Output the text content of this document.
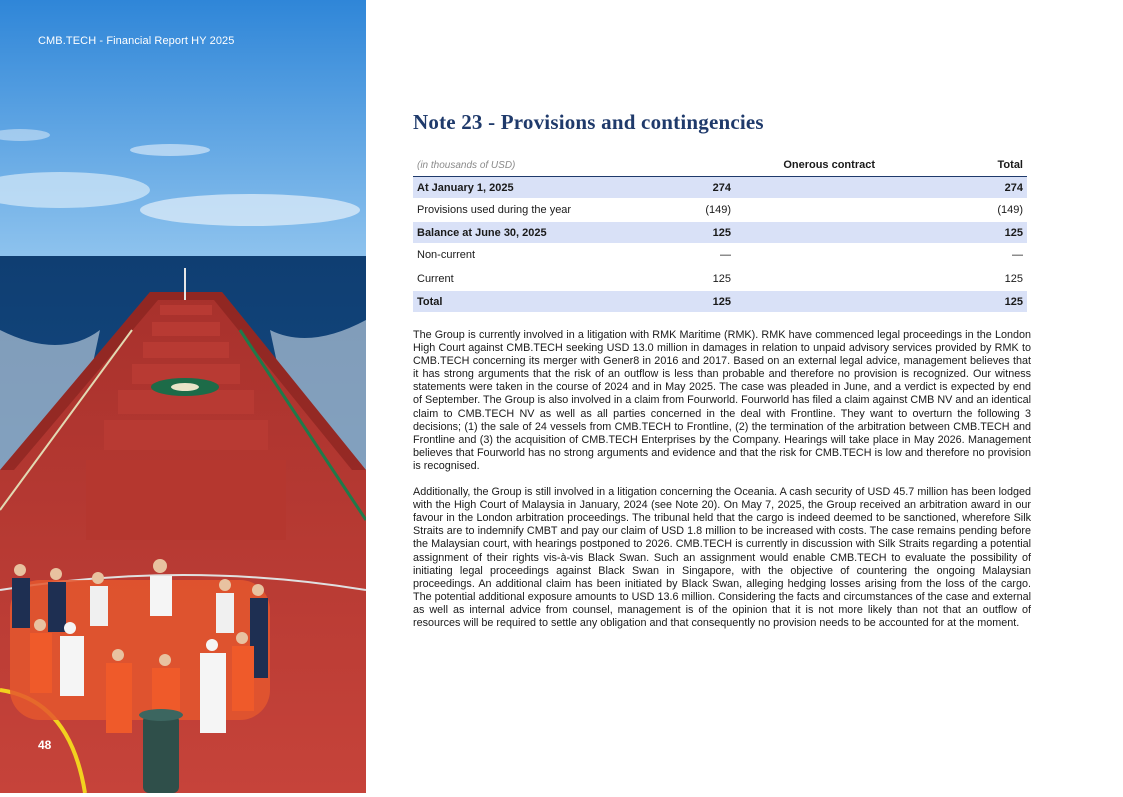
CMB.TECH - Financial Report HY 2025
48
Note 23 - Provisions and contingencies
(in thousands of USD)	Onerous contract	Total
At January 1, 2025	274	274
Provisions used during the year	(149)	(149)
Balance at June 30, 2025	125	125
Non-current	—	—
Current	125	125
Total	125	125

The Group is currently involved in a litigation with RMK Maritime (RMK). RMK have commenced legal proceedings in the London High Court against CMB.TECH seeking USD 13.0 million in damages in relation to unpaid advisory services provided by RMK to CMB.TECH concerning its merger with Gener8 in 2016 and 2017. Based on an external legal advice, management believes that it has strong arguments that the risk of an outflow is less than probable and therefore no provision is recognized. Our witness statements were taken in the course of 2024 and in May 2025. The case was pleaded in June, and a verdict is expected by end of September. The Group is also involved in a claim from Fourworld. Fourworld has filed a claim against CMB NV and an identical claim to CMB.TECH NV as well as all parties concerned in the deal with Frontline. They want to overturn the following 3 decisions; (1) the sale of 24 vessels from CMB.TECH to Frontline, (2) the termination of the arbitration between CMB.TECH and Frontline and (3) the acquisition of CMB.TECH Enterprises by the Company. Hearings will take place in May 2026. Management believes that Fourworld has no strong arguments and evidence and that the risk for CMB.TECH is low and therefore no provision is recognised.

Additionally, the Group is still involved in a litigation concerning the Oceania. A cash security of USD 45.7 million has been lodged with the High Court of Malaysia in January, 2024 (see Note 20). On May 7, 2025, the Group received an arbitration award in our favour in the London arbitration proceedings. The tribunal held that the cargo is indeed deemed to be sanctioned, wherefore Silk Straits are to indemnify CMBT and pay our claim of USD 1.8 million to be increased with costs. The case remains pending before the Malaysian court, with hearings postponed to 2026. CMB.TECH is currently in discussion with Silk Straits regarding a potential assignment of their rights vis-à-vis Black Swan. Such an assignment would enable CMB.TECH to evaluate the possibility of initiating legal proceedings against Black Swan in Singapore, with the objective of countering the ongoing Malaysian proceedings. An additional claim has been initiated by Black Swan, alleging hedging losses arising from the loss of the cargo. The potential additional exposure amounts to USD 13.6 million. Considering the facts and circumstances of the case and external as well as internal advice from counsel, management is of the opinion that it is not more likely than not that an outflow of resources will be required to settle any obligation and that consequently no provision needs to be accounted for at the moment.
